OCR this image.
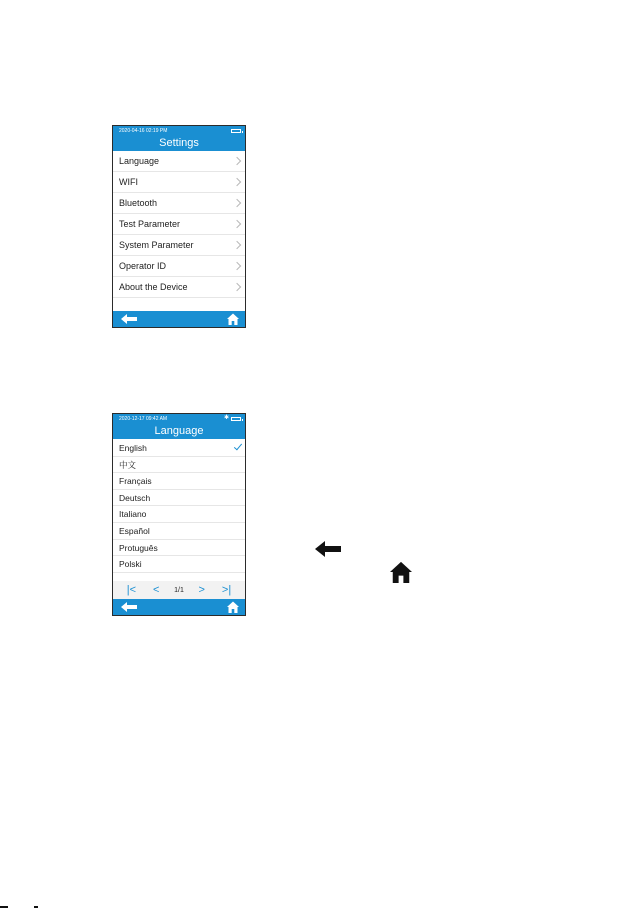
2020-04-16 02:19 PM
Settings
Language
WIFI
Bluetooth
Test Parameter
System Parameter
Operator ID
About the Device
2020-12-17 09:42 AM	✱
Language
English
中文
Français
Deutsch
Italiano
Español
Protuguês
Polski
|<	<	1/1	>	>|
